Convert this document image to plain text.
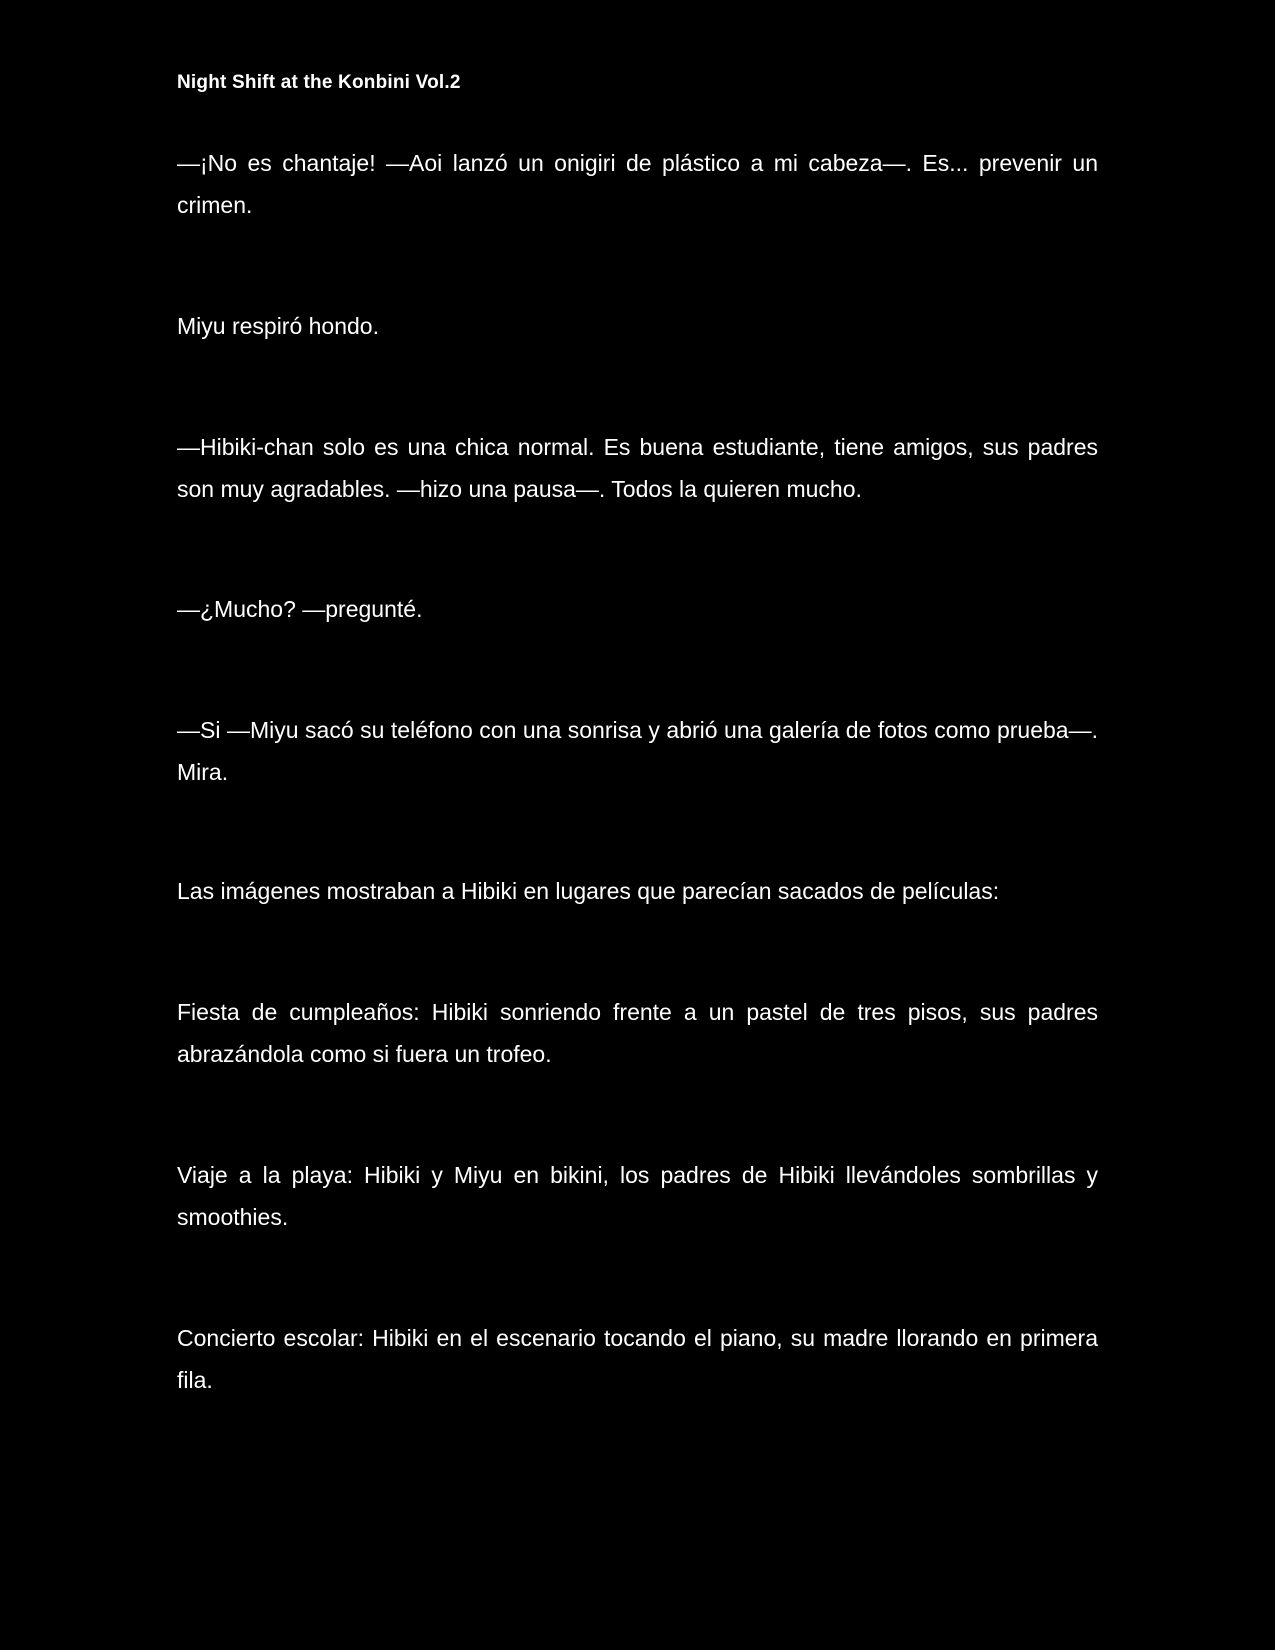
Night Shift at the Konbini Vol.2

—¡No es chantaje! —Aoi lanzó un onigiri de plástico a mi cabeza—. Es... prevenir un crimen.

Miyu respiró hondo.

—Hibiki-chan solo es una chica normal. Es buena estudiante, tiene amigos, sus padres son muy agradables. —hizo una pausa—. Todos la quieren mucho.

—¿Mucho? —pregunté.

—Si —Miyu sacó su teléfono con una sonrisa y abrió una galería de fotos como prueba—. Mira.

Las imágenes mostraban a Hibiki en lugares que parecían sacados de películas:

Fiesta de cumpleaños: Hibiki sonriendo frente a un pastel de tres pisos, sus padres abrazándola como si fuera un trofeo.

Viaje a la playa: Hibiki y Miyu en bikini, los padres de Hibiki llevándoles sombrillas y smoothies.

Concierto escolar: Hibiki en el escenario tocando el piano, su madre llorando en primera fila.
